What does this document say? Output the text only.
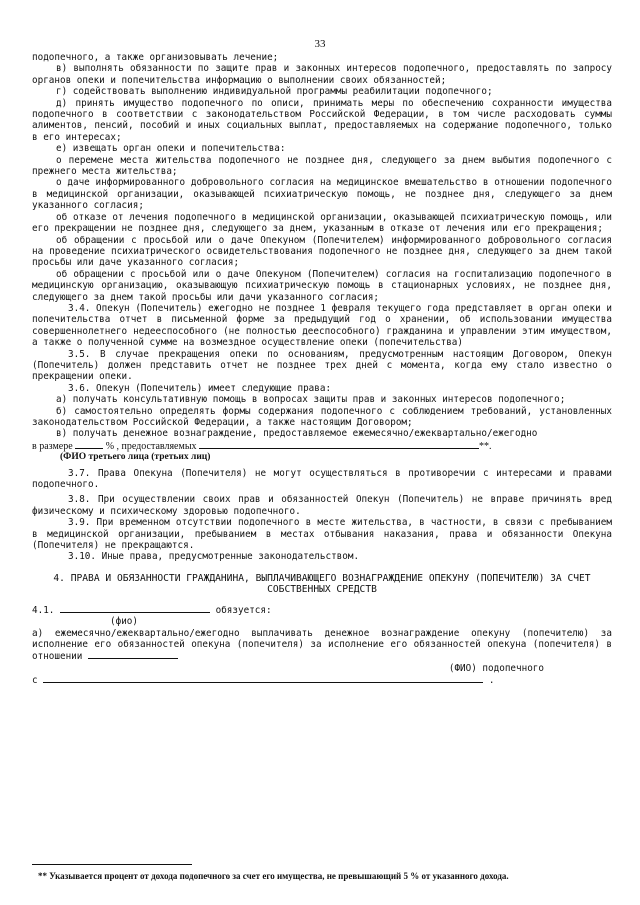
33

подопечного, а также организовывать лечение;

в) выполнять обязанности по защите прав и законных интересов подопечного, предоставлять по запросу органов опеки и попечительства информацию о выполнении своих обязанностей;

г) содействовать выполнению индивидуальной программы реабилитации подопечного;

д) принять имущество подопечного по описи, принимать меры по обеспечению сохранности имущества подопечного в соответствии с законодательством Российской Федерации, в том числе расходовать суммы алиментов, пенсий, пособий и иных социальных выплат, предоставляемых на содержание подопечного, только в его интересах;

е) извещать орган опеки и попечительства:

о перемене места жительства подопечного не позднее дня, следующего за днем выбытия подопечного с прежнего места жительства;

о даче информированного добровольного согласия на медицинское вмешательство в отношении подопечного в медицинской организации, оказывающей психиатрическую помощь, не позднее дня, следующего за днем указанного согласия;

об отказе от лечения подопечного в медицинской организации, оказывающей психиатрическую помощь, или его прекращении не позднее дня, следующего за днем, указанным в отказе от лечения или его прекращения;

об обращении с просьбой или о даче Опекуном (Попечителем) информированного добровольного согласия на проведение психиатрического освидетельствования подопечного не позднее дня, следующего за днем такой просьбы или даче указанного согласия;

об обращении с просьбой или о даче Опекуном (Попечителем) согласия на госпитализацию подопечного в медицинскую организацию, оказывающую психиатрическую помощь в стационарных условиях, не позднее дня, следующего за днем такой просьбы или дачи указанного согласия;

3.4. Опекун (Попечитель) ежегодно не позднее 1 февраля текущего года представляет в орган опеки и попечительства отчет в письменной форме за предыдущий год о хранении, об использовании имущества совершеннолетнего недееспособного (не полностью дееспособного) гражданина и управлении этим имуществом, а также о полученной сумме на возмездное осуществление опеки (попечительства)

3.5. В случае прекращения опеки по основаниям, предусмотренным настоящим Договором, Опекун (Попечитель) должен представить отчет не позднее трех дней с момента, когда ему стало известно о прекращении опеки.

3.6. Опекун (Попечитель) имеет следующие права:

а) получать консультативную помощь в вопросах защиты прав и законных интересов подопечного;

б) самостоятельно определять формы содержания подопечного с соблюдением требований, установленных законодательством Российской Федерации, а также настоящим Договором;

в) получать денежное вознаграждение, предоставляемое ежемесячно/ежеквартально/ежегодно

в размере	% , предоставляемых	**.

(ФИО третьего лица (третьих лиц)

3.7. Права Опекуна (Попечителя) не могут осуществляться в противоречии с интересами и правами подопечного.

3.8. При осуществлении своих прав и обязанностей Опекун (Попечитель) не вправе причинять вред физическому и психическому здоровью подопечного.

3.9. При временном отсутствии подопечного в месте жительства, в частности, в связи с пребыванием в медицинской организации, пребыванием в местах отбывания наказания, права и обязанности Опекуна (Попечителя) не прекращаются.

3.10. Иные права, предусмотренные законодательством.

4. ПРАВА И ОБЯЗАННОСТИ ГРАЖДАНИНА, ВЫПЛАЧИВАЮЩЕГО ВОЗНАГРАЖДЕНИЕ ОПЕКУНУ (ПОПЕЧИТЕЛЮ) ЗА СЧЕТ СОБСТВЕННЫХ СРЕДСТВ

4.1.	обязуется:

(фио)

а) ежемесячно/ежеквартально/ежегодно выплачивать денежное вознаграждение опекуну (попечителю) за исполнение его обязанностей опекуна (попечителя) за исполнение его обязанностей опекуна (попечителя) в отношении

(ФИО) подопечного

с	.

** Указывается процент от дохода подопечного за счет его имущества, не превышающий 5 % от указанного дохода.
